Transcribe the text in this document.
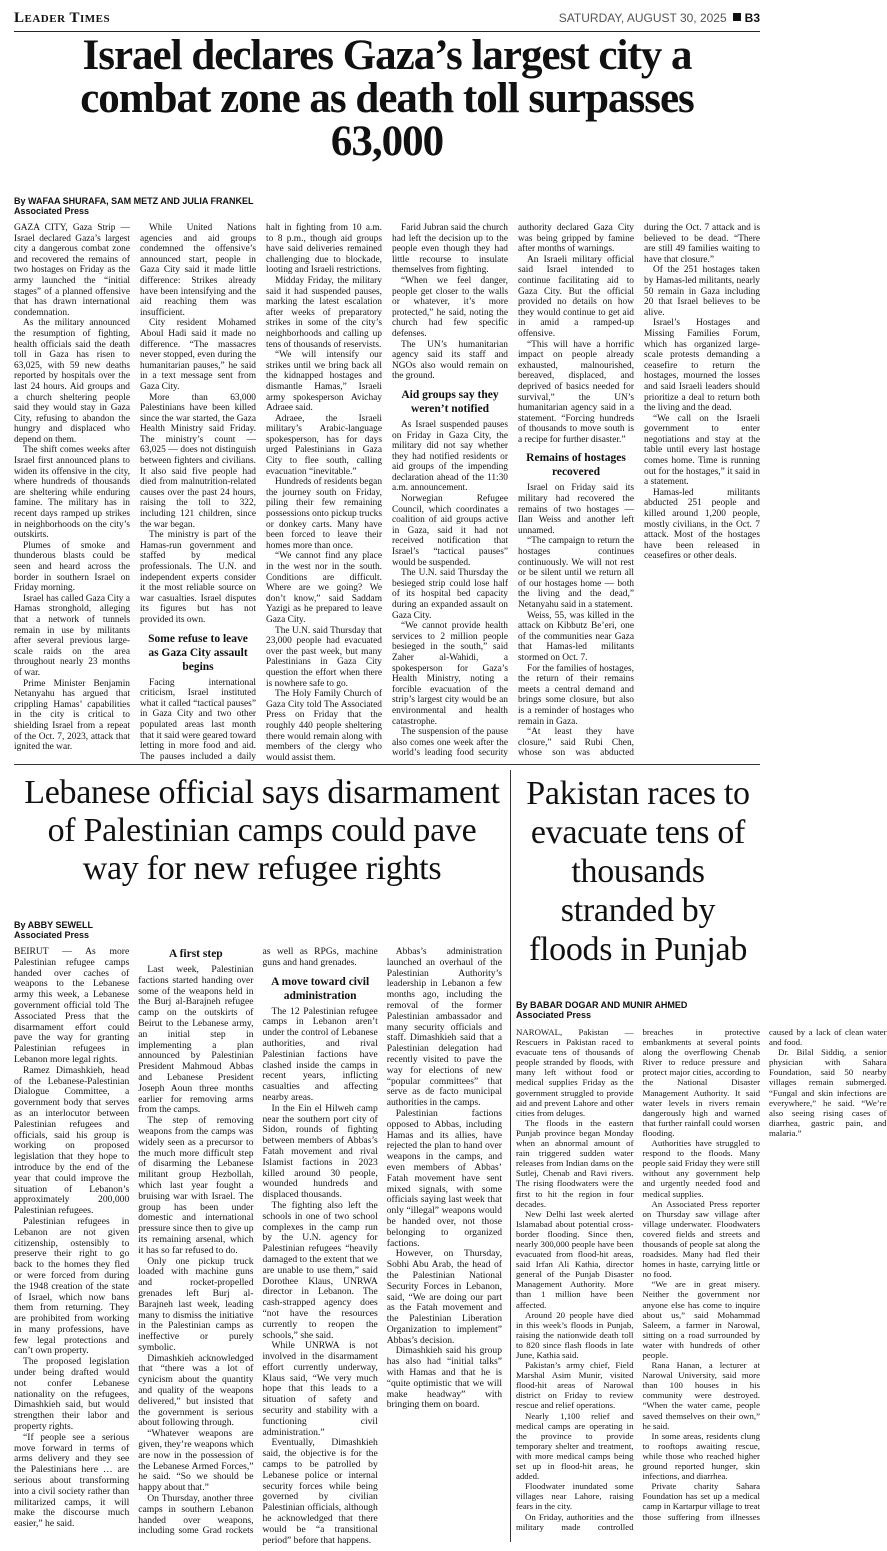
Leader Times	SATURDAY, AUGUST 30, 2025 B3
Israel declares Gaza’s largest city a combat zone as death toll surpasses 63,000
By WAFAA SHURAFA, SAM METZ AND JULIA FRANKEL
Associated Press

GAZA CITY, Gaza Strip — Israel declared Gaza’s largest city a dangerous combat zone and recovered the remains of two hostages on Friday as the army launched the “initial stages” of a planned offensive that has drawn international condemnation.

As the military announced the resumption of fighting, health officials said the death toll in Gaza has risen to 63,025, with 59 new deaths reported by hospitals over the last 24 hours. Aid groups and a church sheltering people said they would stay in Gaza City, refusing to abandon the hungry and displaced who depend on them.

The shift comes weeks after Israel first announced plans to widen its offensive in the city, where hundreds of thousands are sheltering while enduring famine. The military has in recent days ramped up strikes in neighborhoods on the city’s outskirts.

Plumes of smoke and thunderous blasts could be seen and heard across the border in southern Israel on Friday morning.

Israel has called Gaza City a Hamas stronghold, alleging that a network of tunnels remain in use by militants after several previous large-scale raids on the area throughout nearly 23 months of war.

Prime Minister Benjamin Netanyahu has argued that crippling Hamas’ capabilities in the city is critical to shielding Israel from a repeat of the Oct. 7, 2023, attack that ignited the war.

While United Nations agencies and aid groups condemned the offensive’s announced start, people in Gaza City said it made little difference: Strikes already have been intensifying and the aid reaching them was insufficient.

City resident Mohamed Aboul Hadi said it made no difference. “The massacres never stopped, even during the humanitarian pauses,” he said in a text message sent from Gaza City.

More than 63,000 Palestinians have been killed since the war started, the Gaza Health Ministry said Friday. The ministry’s count — 63,025 — does not distinguish between fighters and civilians. It also said five people had died from malnutrition-related causes over the past 24 hours, raising the toll to 322, including 121 children, since the war began.

The ministry is part of the Hamas-run government and staffed by medical professionals. The U.N. and independent experts consider it the most reliable source on war casualties. Israel disputes its figures but has not provided its own.

Some refuse to leave as Gaza City assault begins

Facing international criticism, Israel instituted what it called “tactical pauses” in Gaza City and two other populated areas last month that it said were geared toward letting in more food and aid. The pauses included a daily halt in fighting from 10 a.m. to 8 p.m., though aid groups have said deliveries remained challenging due to blockade, looting and Israeli restrictions.

Midday Friday, the military said it had suspended pauses, marking the latest escalation after weeks of preparatory strikes in some of the city’s neighborhoods and calling up tens of thousands of reservists.

“We will intensify our strikes until we bring back all the kidnapped hostages and dismantle Hamas,” Israeli army spokesperson Avichay Adraee said.

Adraee, the Israeli military’s Arabic-language spokesperson, has for days urged Palestinians in Gaza City to flee south, calling evacuation “inevitable.”

Hundreds of residents began the journey south on Friday, piling their few remaining possessions onto pickup trucks or donkey carts. Many have been forced to leave their homes more than once.

“We cannot find any place in the west nor in the south. Conditions are difficult. Where are we going? We don’t know,” said Saddam Yazigi as he prepared to leave Gaza City.

The U.N. said Thursday that 23,000 people had evacuated over the past week, but many Palestinians in Gaza City question the effort when there is nowhere safe to go.

The Holy Family Church of Gaza City told The Associated Press on Friday that the roughly 440 people sheltering there would remain along with members of the clergy who would assist them.

Farid Jubran said the church had left the decision up to the people even though they had little recourse to insulate themselves from fighting.

“When we feel danger, people get closer to the walls or whatever, it’s more protected,” he said, noting the church had few specific defenses.

The UN’s humanitarian agency said its staff and NGOs also would remain on the ground.

Aid groups say they weren’t notified

As Israel suspended pauses on Friday in Gaza City, the military did not say whether they had notified residents or aid groups of the impending declaration ahead of the 11:30 a.m. announcement.

Norwegian Refugee Council, which coordinates a coalition of aid groups active in Gaza, said it had not received notification that Israel’s “tactical pauses” would be suspended.

The U.N. said Thursday the besieged strip could lose half of its hospital bed capacity during an expanded assault on Gaza City.

“We cannot provide health services to 2 million people besieged in the south,” said Zaher al-Wahidi, a spokesperson for Gaza’s Health Ministry, noting a forcible evacuation of the strip’s largest city would be an environmental and health catastrophe.

The suspension of the pause also comes one week after the world’s leading food security authority declared Gaza City was being gripped by famine after months of warnings.

An Israeli military official said Israel intended to continue facilitating aid to Gaza City. But the official provided no details on how they would continue to get aid in amid a ramped-up offensive.

“This will have a horrific impact on people already exhausted, malnourished, bereaved, displaced, and deprived of basics needed for survival,” the UN’s humanitarian agency said in a statement. “Forcing hundreds of thousands to move south is a recipe for further disaster.”

Remains of hostages recovered

Israel on Friday said its military had recovered the remains of two hostages — Ilan Weiss and another left unnamed.

“The campaign to return the hostages continues continuously. We will not rest or be silent until we return all of our hostages home — both the living and the dead,” Netanyahu said in a statement.

Weiss, 55, was killed in the attack on Kibbutz Be’eri, one of the communities near Gaza that Hamas-led militants stormed on Oct. 7.

For the families of hostages, the return of their remains meets a central demand and brings some closure, but also is a reminder of hostages who remain in Gaza.

“At least they have closure,” said Rubi Chen, whose son was abducted during the Oct. 7 attack and is believed to be dead. “There are still 49 families waiting to have that closure.”

Of the 251 hostages taken by Hamas-led militants, nearly 50 remain in Gaza including 20 that Israel believes to be alive.

Israel’s Hostages and Missing Families Forum, which has organized large-scale protests demanding a ceasefire to return the hostages, mourned the losses and said Israeli leaders should prioritize a deal to return both the living and the dead.

“We call on the Israeli government to enter negotiations and stay at the table until every last hostage comes home. Time is running out for the hostages,” it said in a statement.

Hamas-led militants abducted 251 people and killed around 1,200 people, mostly civilians, in the Oct. 7 attack. Most of the hostages have been released in ceasefires or other deals.

Lebanese official says disarmament of Palestinian camps could pave way for new refugee rights
Pakistan races to evacuate tens of thousands stranded by floods in Punjab
By ABBY SEWELL
Associated Press

BEIRUT — As more Palestinian refugee camps handed over caches of weapons to the Lebanese army this week, a Lebanese government official told The Associated Press that the disarmament effort could pave the way for granting Palestinian refugees in Lebanon more legal rights.

Ramez Dimashkieh, head of the Lebanese-Palestinian Dialogue Committee, a government body that serves as an interlocutor between Palestinian refugees and officials, said his group is working on proposed legislation that they hope to introduce by the end of the year that could improve the situation of Lebanon’s approximately 200,000 Palestinian refugees.

Palestinian refugees in Lebanon are not given citizenship, ostensibly to preserve their right to go back to the homes they fled or were forced from during the 1948 creation of the state of Israel, which now bans them from returning. They are prohibited from working in many professions, have few legal protections and can’t own property.

The proposed legislation under being drafted would not confer Lebanese nationality on the refugees, Dimashkieh said, but would strengthen their labor and property rights.

“If people see a serious move forward in terms of arms delivery and they see the Palestinians here … are serious about transforming into a civil society rather than militarized camps, it will make the discourse much easier,” he said.

A first step

Last week, Palestinian factions started handing over some of the weapons held in the Burj al-Barajneh refugee camp on the outskirts of Beirut to the Lebanese army, an initial step in implementing a plan announced by Palestinian President Mahmoud Abbas and Lebanese President Joseph Aoun three months earlier for removing arms from the camps.

The step of removing weapons from the camps was widely seen as a precursor to the much more difficult step of disarming the Lebanese militant group Hezbollah, which last year fought a bruising war with Israel. The group has been under domestic and international pressure since then to give up its remaining arsenal, which it has so far refused to do.

Only one pickup truck loaded with machine guns and rocket-propelled grenades left Burj al-Barajneh last week, leading many to dismiss the initiative in the Palestinian camps as ineffective or purely symbolic.

Dimashkieh acknowledged that “there was a lot of cynicism about the quantity and quality of the weapons delivered,” but insisted that the government is serious about following through.

“Whatever weapons are given, they’re weapons which are now in the possession of the Lebanese Armed Forces,” he said. “So we should be happy about that.”

On Thursday, another three camps in southern Lebanon handed over weapons, including some Grad rockets as well as RPGs, machine guns and hand grenades.

A move toward civil administration

The 12 Palestinian refugee camps in Lebanon aren’t under the control of Lebanese authorities, and rival Palestinian factions have clashed inside the camps in recent years, inflicting casualties and affecting nearby areas.

In the Ein el Hilweh camp near the southern port city of Sidon, rounds of fighting between members of Abbas’s Fatah movement and rival Islamist factions in 2023 killed around 30 people, wounded hundreds and displaced thousands.

The fighting also left the schools in one of two school complexes in the camp run by the U.N. agency for Palestinian refugees “heavily damaged to the extent that we are unable to use them,” said Dorothee Klaus, UNRWA director in Lebanon. The cash-strapped agency does “not have the resources currently to reopen the schools,” she said.

While UNRWA is not involved in the disarmament effort currently underway, Klaus said, “We very much hope that this leads to a situation of safety and security and stability with a functioning civil administration.”

Eventually, Dimashkieh said, the objective is for the camps to be patrolled by Lebanese police or internal security forces while being governed by civilian Palestinian officials, although he acknowledged that there would be “a transitional period” before that happens.

Abbas’s administration launched an overhaul of the Palestinian Authority’s leadership in Lebanon a few months ago, including the removal of the former Palestinian ambassador and many security officials and staff. Dimashkieh said that a Palestinian delegation had recently visited to pave the way for elections of new “popular committees” that serve as de facto municipal authorities in the camps.

Palestinian factions opposed to Abbas, including Hamas and its allies, have rejected the plan to hand over weapons in the camps, and even members of Abbas’ Fatah movement have sent mixed signals, with some officials saying last week that only “illegal” weapons would be handed over, not those belonging to organized factions.

However, on Thursday, Sobhi Abu Arab, the head of the Palestinian National Security Forces in Lebanon, said, “We are doing our part as the Fatah movement and the Palestinian Liberation Organization to implement” Abbas’s decision.

Dimashkieh said his group has also had “initial talks” with Hamas and that he is “quite optimistic that we will make headway” with bringing them on board.

By BABAR DOGAR AND MUNIR AHMED
Associated Press

NAROWAL, Pakistan — Rescuers in Pakistan raced to evacuate tens of thousands of people stranded by floods, with many left without food or medical supplies Friday as the government struggled to provide aid and prevent Lahore and other cities from deluges.

The floods in the eastern Punjab province began Monday when an abnormal amount of rain triggered sudden water releases from Indian dams on the Sutlej, Chenab and Ravi rivers. The rising floodwaters were the first to hit the region in four decades.

New Delhi last week alerted Islamabad about potential cross-border flooding. Since then, nearly 300,000 people have been evacuated from flood-hit areas, said Irfan Ali Kathia, director general of the Punjab Disaster Management Authority. More than 1 million have been affected.

Around 20 people have died in this week’s floods in Punjab, raising the nationwide death toll to 820 since flash floods in late June, Kathia said.

Pakistan’s army chief, Field Marshal Asim Munir, visited flood-hit areas of Narowal district on Friday to review rescue and relief operations.

Nearly 1,100 relief and medical camps are operating in the province to provide temporary shelter and treatment, with more medical camps being set up in flood-hit areas, he added.

Floodwater inundated some villages near Lahore, raising fears in the city.

On Friday, authorities and the military made controlled breaches in protective embankments at several points along the overflowing Chenab River to reduce pressure and protect major cities, according to the National Disaster Management Authority. It said water levels in rivers remain dangerously high and warned that further rainfall could worsen flooding.

Authorities have struggled to respond to the floods. Many people said Friday they were still without any government help and urgently needed food and medical supplies.

An Associated Press reporter on Thursday saw village after village underwater. Floodwaters covered fields and streets and thousands of people sat along the roadsides. Many had fled their homes in haste, carrying little or no food.

“We are in great misery. Neither the government nor anyone else has come to inquire about us,” said Mohammad Saleem, a farmer in Narowal, sitting on a road surrounded by water with hundreds of other people.

Rana Hanan, a lecturer at Narowal University, said more than 100 houses in his community were destroyed. “When the water came, people saved themselves on their own,” he said.

In some areas, residents clung to rooftops awaiting rescue, while those who reached higher ground reported hunger, skin infections, and diarrhea.

Private charity Sahara Foundation has set up a medical camp in Kartarpur village to treat those suffering from illnesses caused by a lack of clean water and food.

Dr. Bilal Siddiq, a senior physician with Sahara Foundation, said 50 nearby villages remain submerged. “Fungal and skin infections are everywhere,” he said. “We’re also seeing rising cases of diarrhea, gastric pain, and malaria.”
